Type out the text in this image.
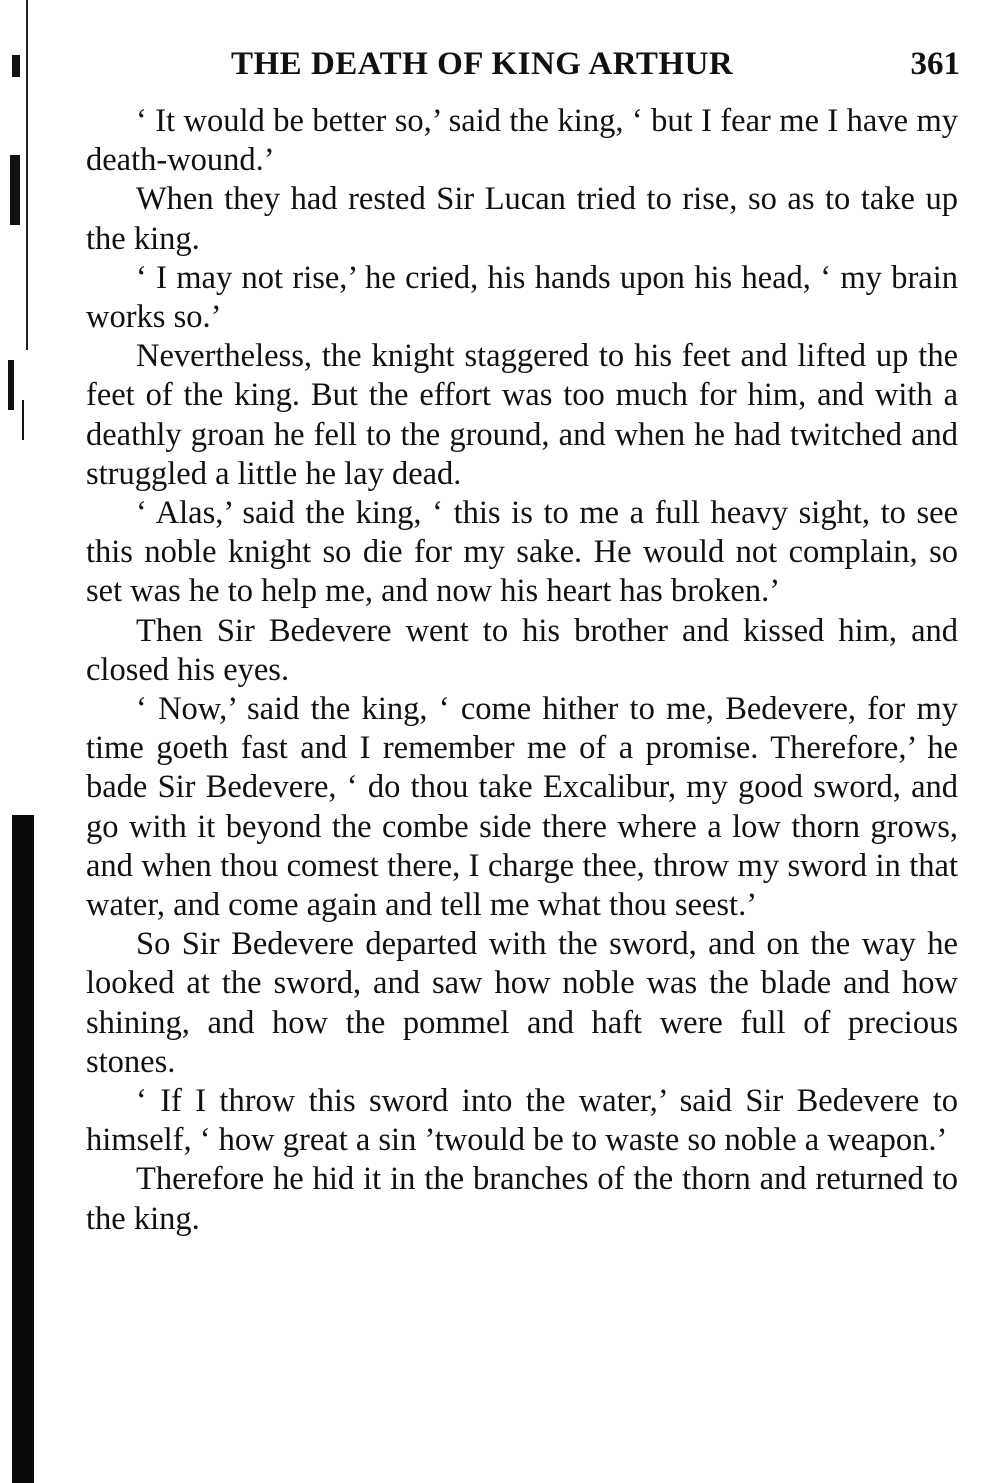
THE DEATH OF KING ARTHUR	361

‘ It would be better so,’ said the king, ‘ but I fear me I have my death-wound.’

When they had rested Sir Lucan tried to rise, so as to take up the king.

‘ I may not rise,’ he cried, his hands upon his head, ‘ my brain works so.’

Nevertheless, the knight staggered to his feet and lifted up the feet of the king. But the effort was too much for him, and with a deathly groan he fell to the ground, and when he had twitched and struggled a little he lay dead.

‘ Alas,’ said the king, ‘ this is to me a full heavy sight, to see this noble knight so die for my sake. He would not complain, so set was he to help me, and now his heart has broken.’

Then Sir Bedevere went to his brother and kissed him, and closed his eyes.

‘ Now,’ said the king, ‘ come hither to me, Bedevere, for my time goeth fast and I remember me of a promise. Therefore,’ he bade Sir Bedevere, ‘ do thou take Excalibur, my good sword, and go with it beyond the combe side there where a low thorn grows, and when thou comest there, I charge thee, throw my sword in that water, and come again and tell me what thou seest.’

So Sir Bedevere departed with the sword, and on the way he looked at the sword, and saw how noble was the blade and how shining, and how the pommel and haft were full of precious stones.

‘ If I throw this sword into the water,’ said Sir Bedevere to himself, ‘ how great a sin ’twould be to waste so noble a weapon.’

Therefore he hid it in the branches of the thorn and returned to the king.
